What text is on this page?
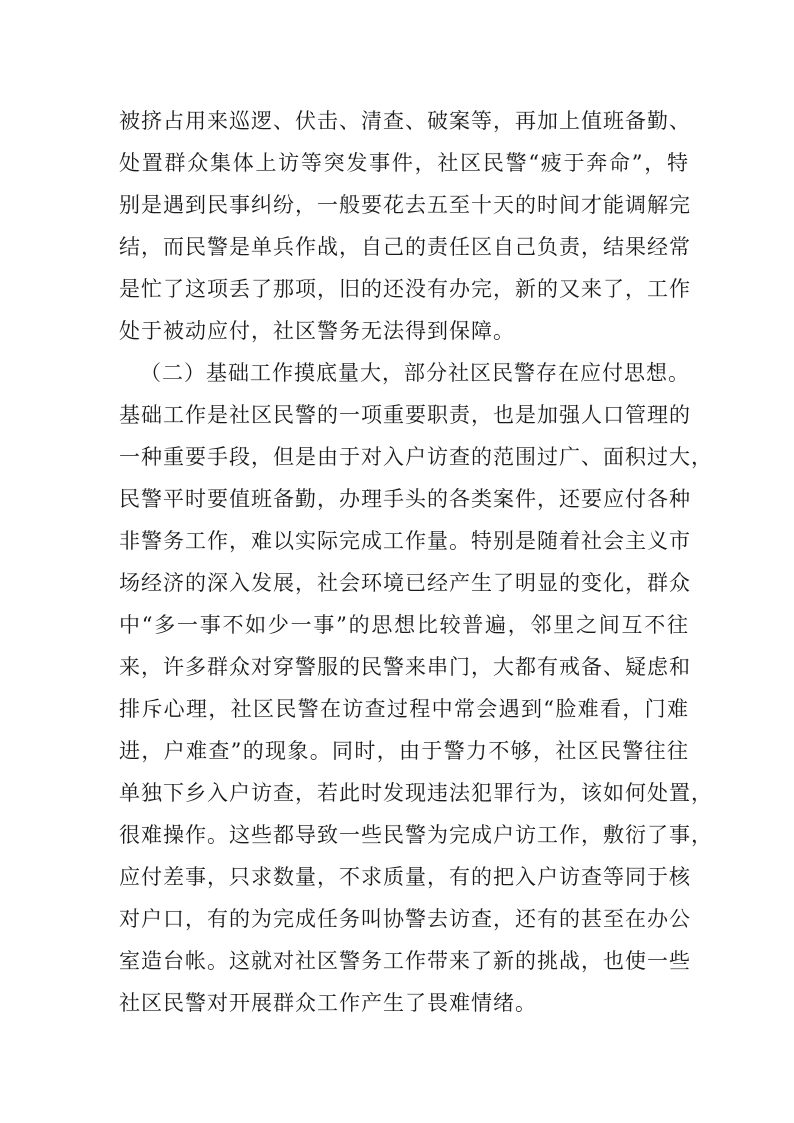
被挤占用来巡逻、伏击、清查、破案等，再加上值班备勤、
处置群众集体上访等突发事件，社区民警“疲于奔命”，特
别是遇到民事纠纷，一般要花去五至十天的时间才能调解完
结，而民警是单兵作战，自己的责任区自己负责，结果经常
是忙了这项丢了那项，旧的还没有办完，新的又来了，工作
处于被动应付，社区警务无法得到保障。
（二）基础工作摸底量大，部分社区民警存在应付思想。
基础工作是社区民警的一项重要职责，也是加强人口管理的
一种重要手段，但是由于对入户访查的范围过广、面积过大，
民警平时要值班备勤，办理手头的各类案件，还要应付各种
非警务工作，难以实际完成工作量。特别是随着社会主义市
场经济的深入发展，社会环境已经产生了明显的变化，群众
中“多一事不如少一事”的思想比较普遍，邻里之间互不往
来，许多群众对穿警服的民警来串门，大都有戒备、疑虑和
排斥心理，社区民警在访查过程中常会遇到“脸难看，门难
进，户难查”的现象。同时，由于警力不够，社区民警往往
单独下乡入户访查，若此时发现违法犯罪行为，该如何处置，
很难操作。这些都导致一些民警为完成户访工作，敷衍了事，
应付差事，只求数量，不求质量，有的把入户访查等同于核
对户口，有的为完成任务叫协警去访查，还有的甚至在办公
室造台帐。这就对社区警务工作带来了新的挑战，也使一些
社区民警对开展群众工作产生了畏难情绪。
